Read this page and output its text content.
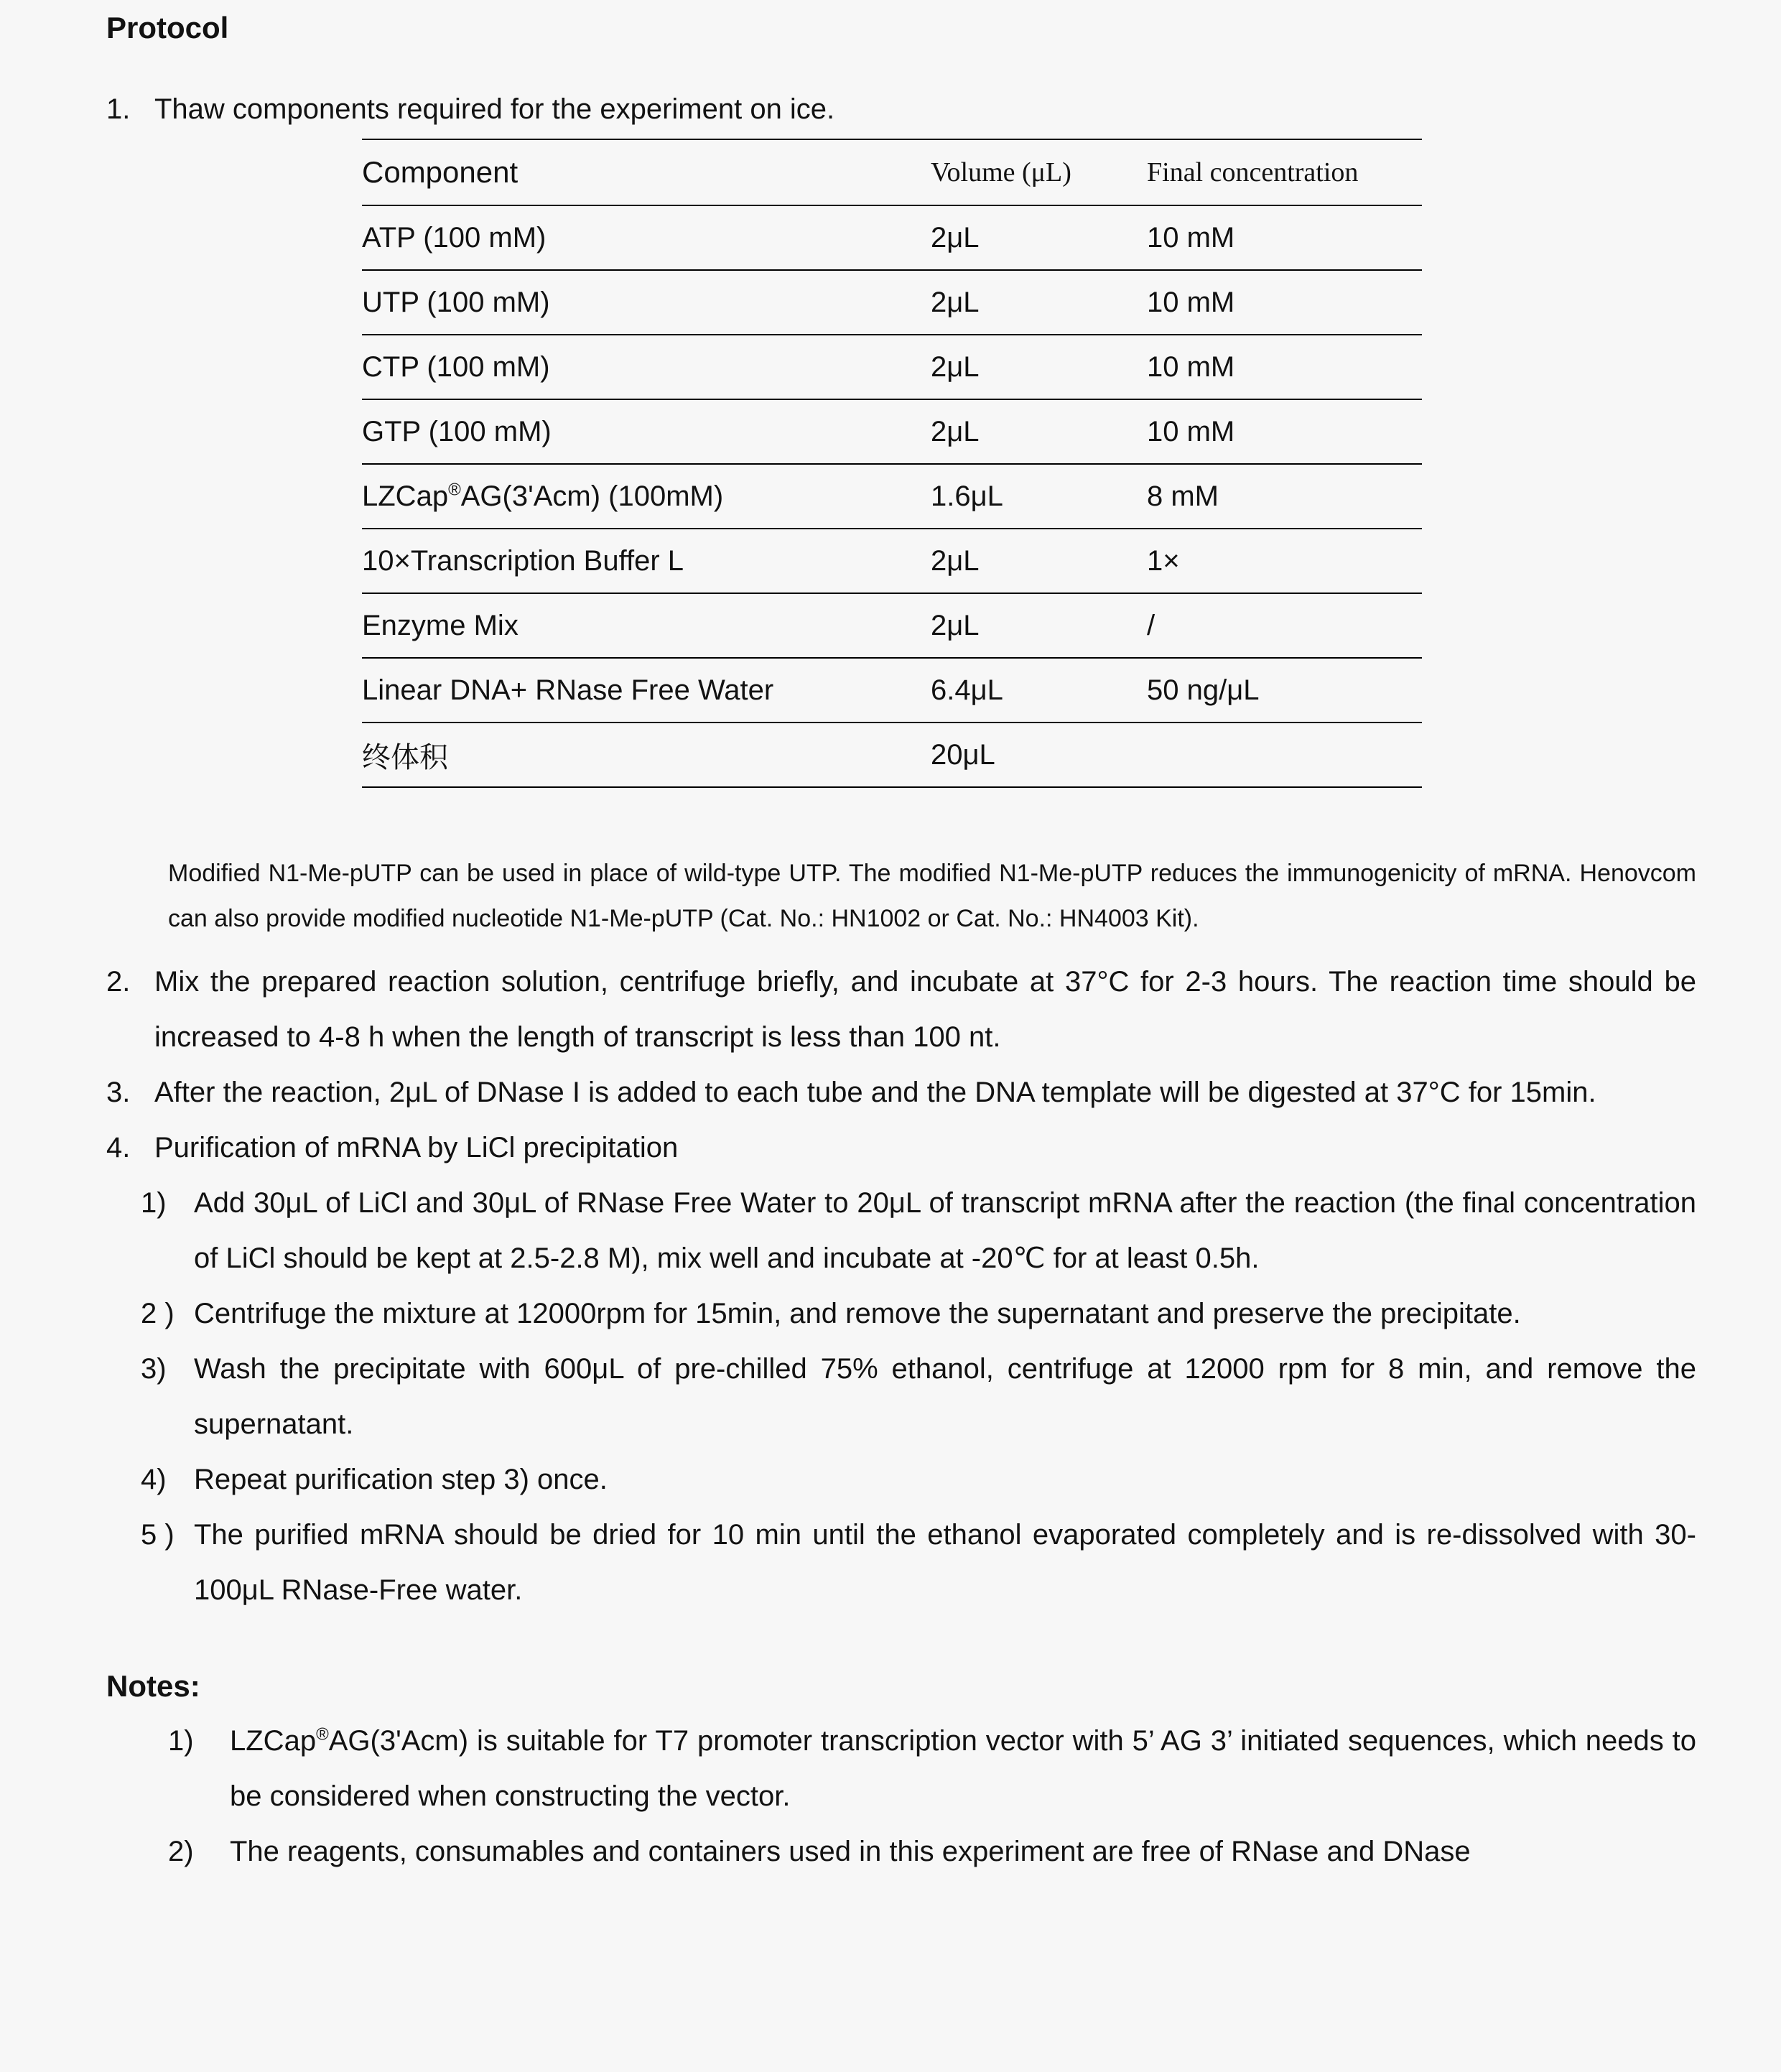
Protocol
1. Thaw components required for the experiment on ice.
Component	Volume (μL)	Final concentration
ATP (100 mM)	2μL	10 mM
UTP (100 mM)	2μL	10 mM
CTP (100 mM)	2μL	10 mM
GTP (100 mM)	2μL	10 mM
LZCap®AG(3'Acm) (100mM)	1.6μL	8 mM
10×Transcription Buffer L	2μL	1×
Enzyme Mix	2μL	/
Linear DNA+ RNase Free Water	6.4μL	50 ng/μL
终体积	20μL	

Modified N1-Me-pUTP can be used in place of wild-type UTP. The modified N1-Me-pUTP reduces the immunogenicity of mRNA. Henovcom can also provide modified nucleotide N1-Me-pUTP (Cat. No.: HN1002 or Cat. No.: HN4003 Kit).

2. Mix the prepared reaction solution, centrifuge briefly, and incubate at 37°C for 2-3 hours. The reaction time should be increased to 4-8 h when the length of transcript is less than 100 nt.
3. After the reaction, 2μL of DNase I is added to each tube and the DNA template will be digested at 37°C for 15min.
4. Purification of mRNA by LiCl precipitation
1) Add 30μL of LiCl and 30μL of RNase Free Water to 20μL of transcript mRNA after the reaction (the final concentration of LiCl should be kept at 2.5-2.8 M), mix well and incubate at -20℃ for at least 0.5h.
2 ) Centrifuge the mixture at 12000rpm for 15min, and remove the supernatant and preserve the precipitate.
3) Wash the precipitate with 600μL of pre-chilled 75% ethanol, centrifuge at 12000 rpm for 8 min, and remove the supernatant.
4) Repeat purification step 3) once.
5 ) The purified mRNA should be dried for 10 min until the ethanol evaporated completely and is re-dissolved with 30-100μL RNase-Free water.
Notes:
1)	LZCap®AG(3'Acm) is suitable for T7 promoter transcription vector with 5’ AG 3’ initiated sequences, which needs to be considered when constructing the vector.
2)	The reagents, consumables and containers used in this experiment are free of RNase and DNase
